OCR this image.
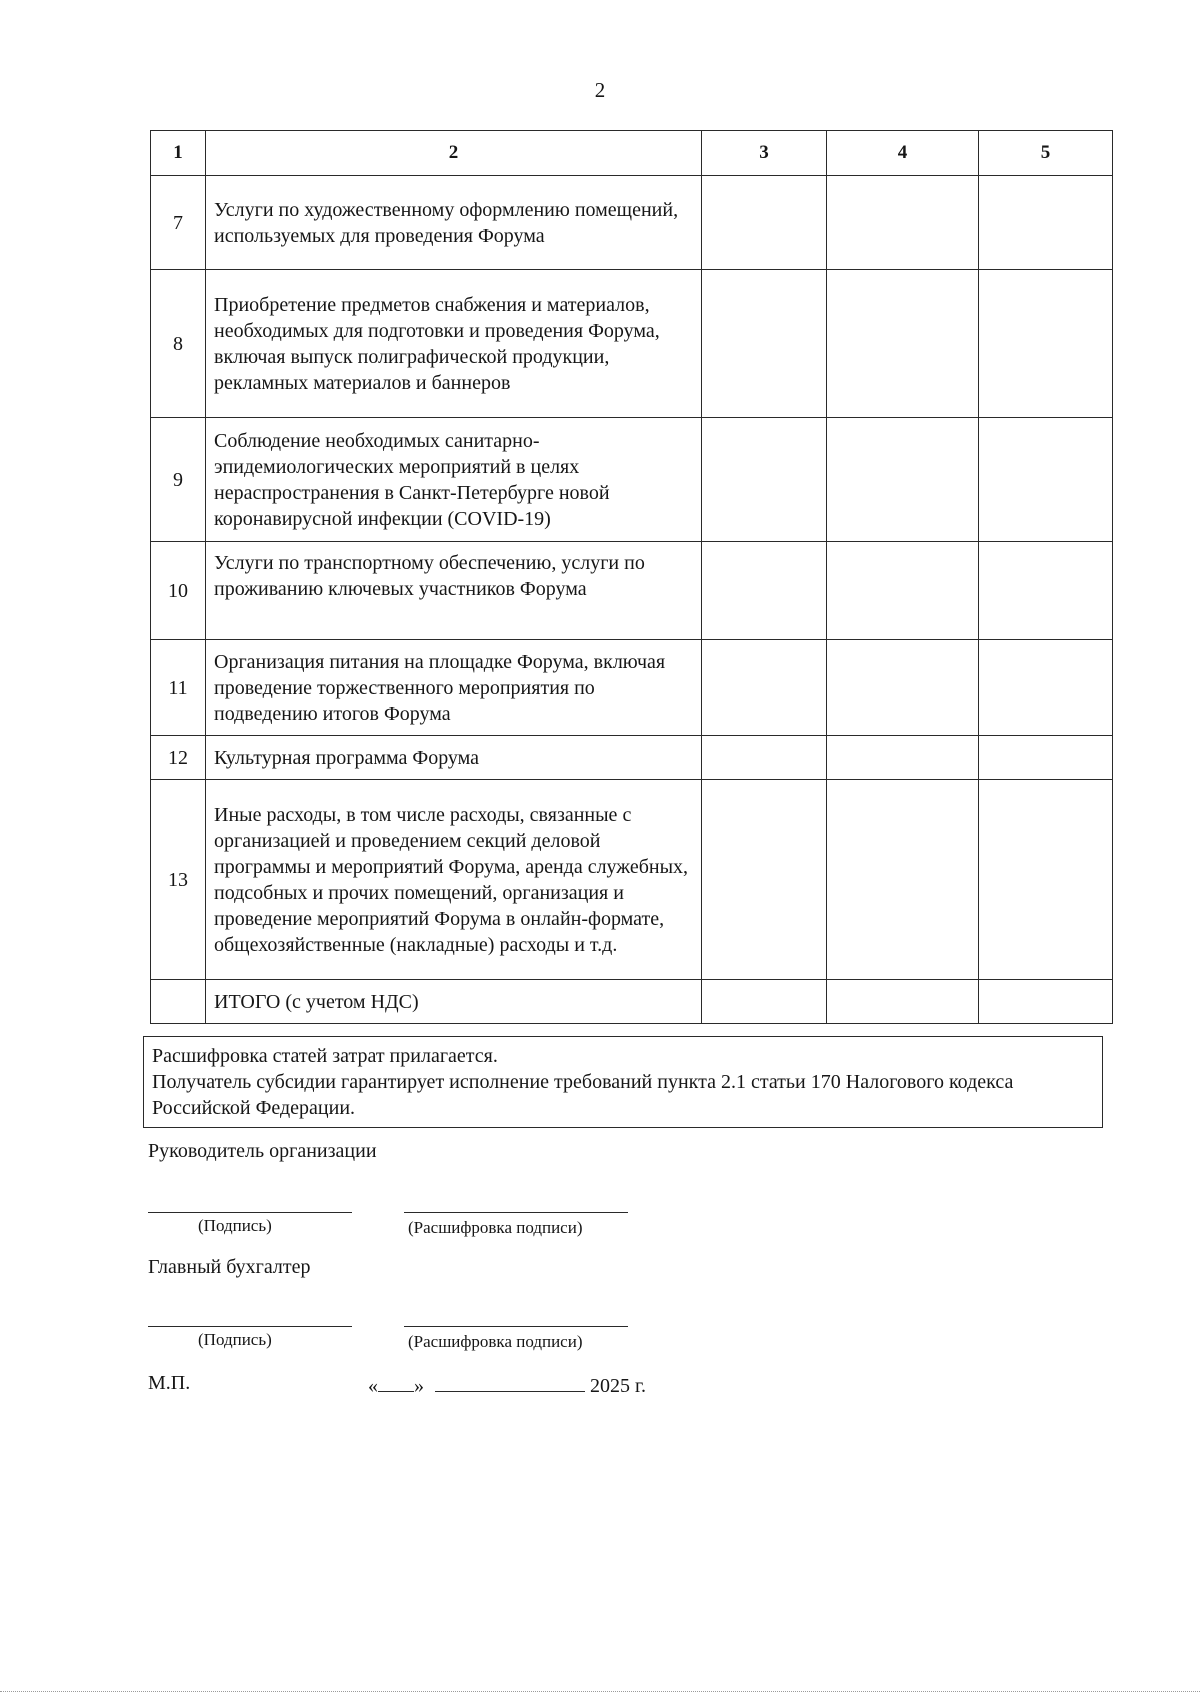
2
1	2	3	4	5
7	Услуги по художественному оформлению помещений, используемых для проведения Форума			
8	Приобретение предметов снабжения и материалов, необходимых для подготовки и проведения Форума, включая выпуск полиграфической продукции, рекламных материалов и баннеров			
9	Соблюдение необходимых санитарно-эпидемиологических мероприятий в целях нераспространения в Санкт-Петербурге новой коронавирусной инфекции (COVID-19)			
10	Услуги по транспортному обеспечению, услуги по проживанию ключевых участников Форума			
11	Организация питания на площадке Форума, включая проведение торжественного мероприятия по подведению итогов Форума			
12	Культурная программа Форума			
13	Иные расходы, в том числе расходы, связанные с организацией и проведением секций деловой программы и мероприятий Форума, аренда служебных, подсобных и прочих помещений, организация и проведение мероприятий Форума в онлайн-формате, общехозяйственные (накладные) расходы и т.д.			
	ИТОГО (с учетом НДС)			
Расшифровка статей затрат прилагается.
Получатель субсидии гарантирует исполнение требований пункта 2.1 статьи 170 Налогового кодекса Российской Федерации.
Руководитель организации
(Подпись)	(Расшифровка подписи)
Главный бухгалтер
(Подпись)	(Расшифровка подписи)
М.П.	« »	2025 г.
